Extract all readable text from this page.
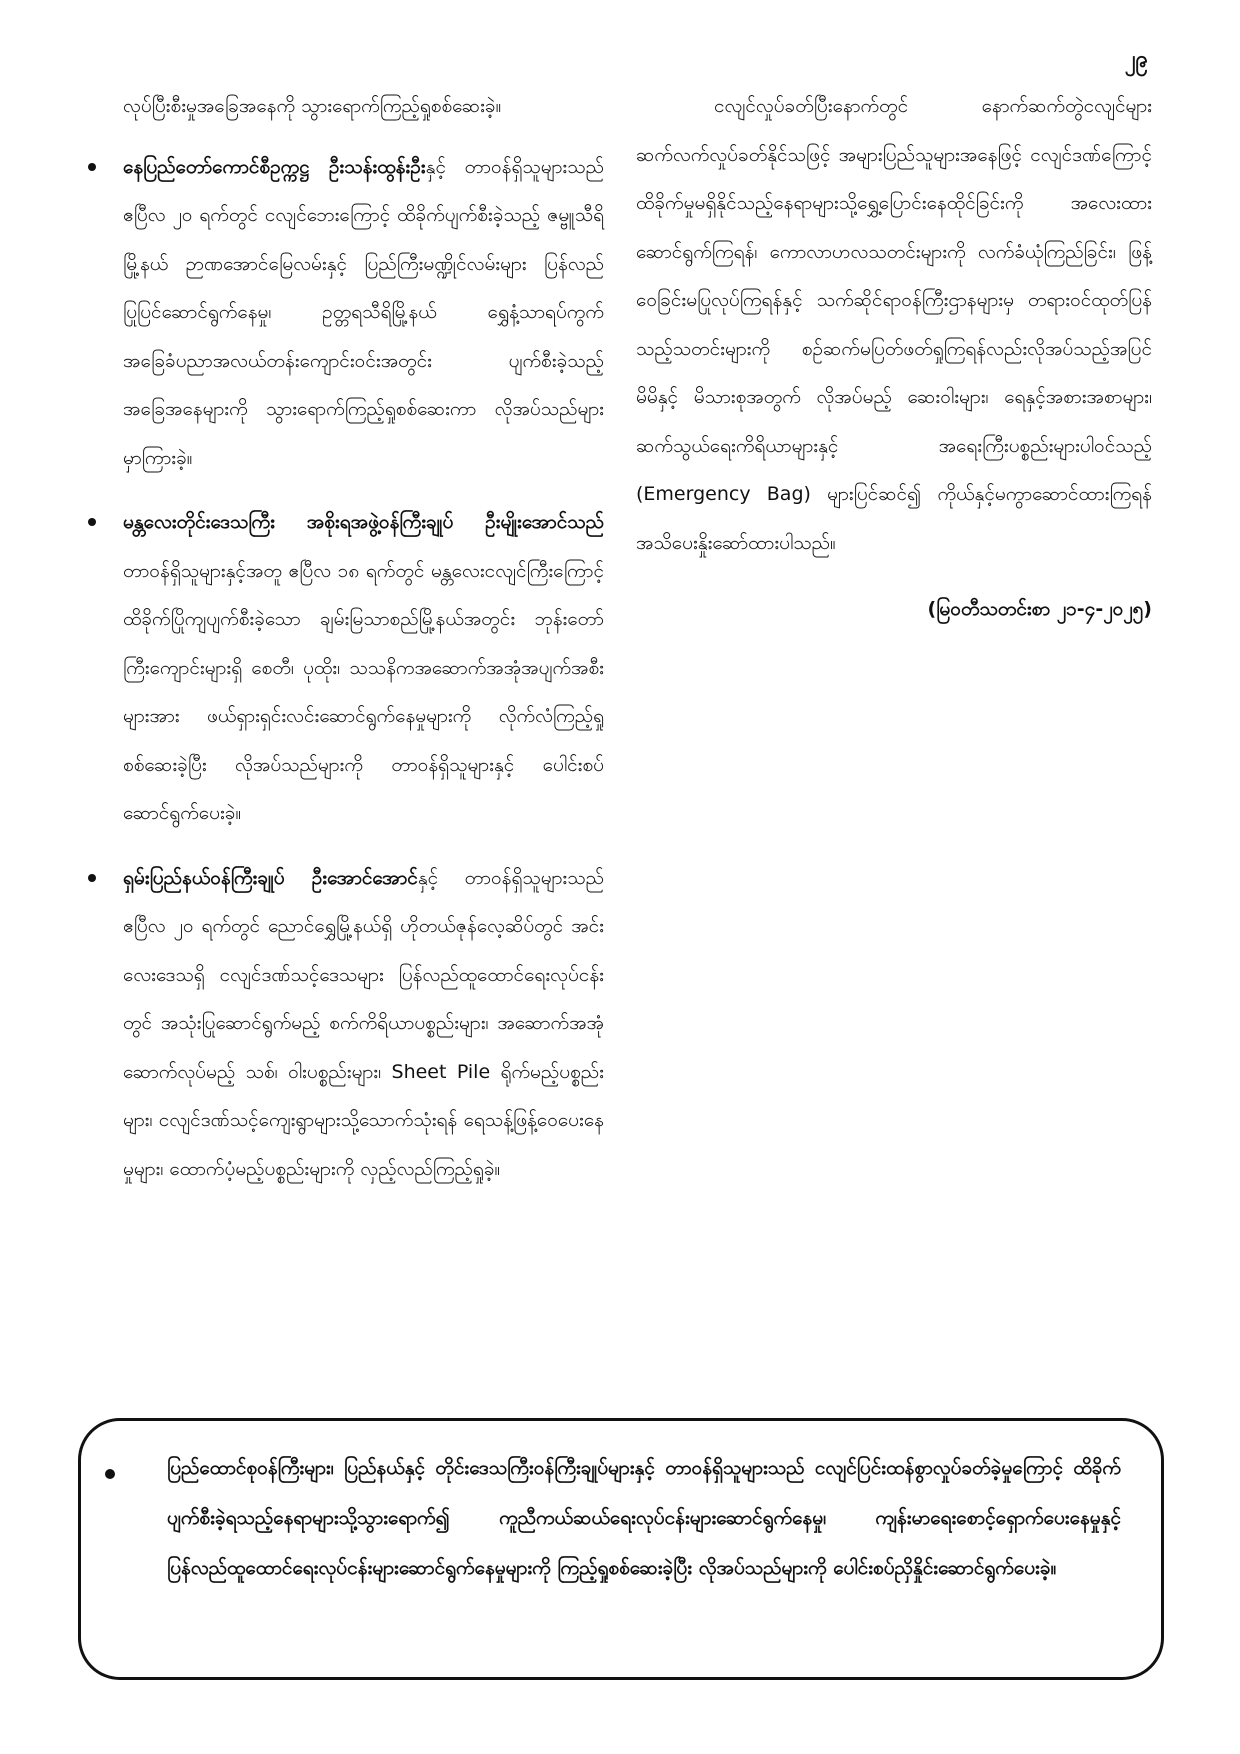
၂၉

လုပ်ပြီးစီးမှုအခြေအနေကို သွားရောက်ကြည့်ရှုစစ်ဆေးခဲ့။

နေပြည်တော်ကောင်စီဥက္ကဋ္ဌ ဦးသန်းထွန်းဦးနှင့် တာဝန်ရှိသူများသည် ဧပြီလ ၂၀ ရက်တွင် ငလျင်ဘေးကြောင့် ထိခိုက်ပျက်စီးခဲ့သည့် ဇမ္ဗူသီရိမြို့နယ် ဉာဏအောင်မြေလမ်းနှင့် ပြည်ကြီးမဏ္ဍိုင်လမ်းများ ပြန်လည်ပြုပြင်ဆောင်ရွက်နေမှု၊ ဥတ္တရသီရိမြို့နယ် ရွှေနံ့သာရပ်ကွက် အခြေခံပညာအလယ်တန်းကျောင်းဝင်းအတွင်း ပျက်စီးခဲ့သည့်အခြေအနေများကို သွားရောက်ကြည့်ရှုစစ်ဆေးကာ လိုအပ်သည်များမှာကြားခဲ့။
မန္တလေးတိုင်းဒေသကြီး အစိုးရအဖွဲ့ဝန်ကြီးချုပ် ဦးမျိုးအောင်သည် တာဝန်ရှိသူများနှင့်အတူ ဧပြီလ ၁၈ ရက်တွင် မန္တလေးငလျင်ကြီးကြောင့် ထိခိုက်ပြိုကျပျက်စီးခဲ့သော ချမ်းမြသာစည်မြို့နယ်အတွင်း ဘုန်းတော်ကြီးကျောင်းများရှိ စေတီ၊ ပုထိုး၊ သသနိကအဆောက်အအုံအပျက်အစီးများအား ဖယ်ရှားရှင်းလင်းဆောင်ရွက်နေမှုများကို လိုက်လံကြည့်ရှုစစ်ဆေးခဲ့ပြီး လိုအပ်သည်များကို တာဝန်ရှိသူများနှင့် ပေါင်းစပ်ဆောင်ရွက်ပေးခဲ့။
ရှမ်းပြည်နယ်ဝန်ကြီးချုပ် ဦးအောင်အောင်နှင့် တာဝန်ရှိသူများသည် ဧပြီလ ၂၀ ရက်တွင် ညောင်ရွှေမြို့နယ်ရှိ ဟိုတယ်ဇုန်လေ့ဆိပ်တွင် အင်းလေးဒေသရှိ ငလျင်ဒဏ်သင့်ဒေသများ ပြန်လည်ထူထောင်ရေးလုပ်ငန်းတွင် အသုံးပြုဆောင်ရွက်မည့် စက်ကိရိယာပစ္စည်းများ၊ အဆောက်အအုံဆောက်လုပ်မည့် သစ်၊ ဝါးပစ္စည်းများ၊ Sheet Pile ရိုက်မည့်ပစ္စည်းများ၊ ငလျင်ဒဏ်သင့်ကျေးရွာများသို့သောက်သုံးရန် ရေသန့်ဖြန့်ဝေပေးနေမှုများ၊ ထောက်ပံ့မည့်ပစ္စည်းများကို လှည့်လည်ကြည့်ရှုခဲ့။

ငလျင်လှုပ်ခတ်ပြီးနောက်တွင် နောက်ဆက်တွဲငလျင်များ ဆက်လက်လှုပ်ခတ်နိုင်သဖြင့် အများပြည်သူများအနေဖြင့် ငလျင်ဒဏ်ကြောင့် ထိခိုက်မှုမရှိနိုင်သည့်နေရာများသို့ရွှေ့ပြောင်းနေထိုင်ခြင်းကို အလေးထားဆောင်ရွက်ကြရန်၊ ကောလာဟလသတင်းများကို လက်ခံယုံကြည်ခြင်း၊ ဖြန့်ဝေခြင်းမပြုလုပ်ကြရန်နှင့် သက်ဆိုင်ရာဝန်ကြီးဌာနများမှ တရားဝင်ထုတ်ပြန်သည့်သတင်းများကို စဉ်ဆက်မပြတ်ဖတ်ရှုကြရန်လည်းလိုအပ်သည့်အပြင် မိမိနှင့် မိသားစုအတွက် လိုအပ်မည့် ဆေးဝါးများ၊ ရေနှင့်အစားအစာများ၊ ဆက်သွယ်ရေးကိရိယာများနှင့် အရေးကြီးပစ္စည်းများပါဝင်သည့် (Emergency Bag) များပြင်ဆင်၍ ကိုယ်နှင့်မကွာဆောင်ထားကြရန် အသိပေးနှိုးဆော်ထားပါသည်။

(မြဝတီသတင်းစာ ၂၁-၄-၂၀၂၅)

ပြည်ထောင်စုဝန်ကြီးများ၊ ပြည်နယ်နှင့် တိုင်းဒေသကြီးဝန်ကြီးချုပ်များနှင့် တာဝန်ရှိသူများသည် ငလျင်ပြင်းထန်စွာလှုပ်ခတ်ခဲ့မှုကြောင့် ထိခိုက်ပျက်စီးခဲ့ရသည့်နေရာများသို့သွားရောက်၍ ကူညီကယ်ဆယ်ရေးလုပ်ငန်းများဆောင်ရွက်နေမှု၊ ကျန်းမာရေးစောင့်ရှောက်ပေးနေမှုနှင့် ပြန်လည်ထူထောင်ရေးလုပ်ငန်းများဆောင်ရွက်နေမှုများကို ကြည့်ရှုစစ်ဆေးခဲ့ပြီး လိုအပ်သည်များကို ပေါင်းစပ်ညှိနှိုင်းဆောင်ရွက်ပေးခဲ့။
